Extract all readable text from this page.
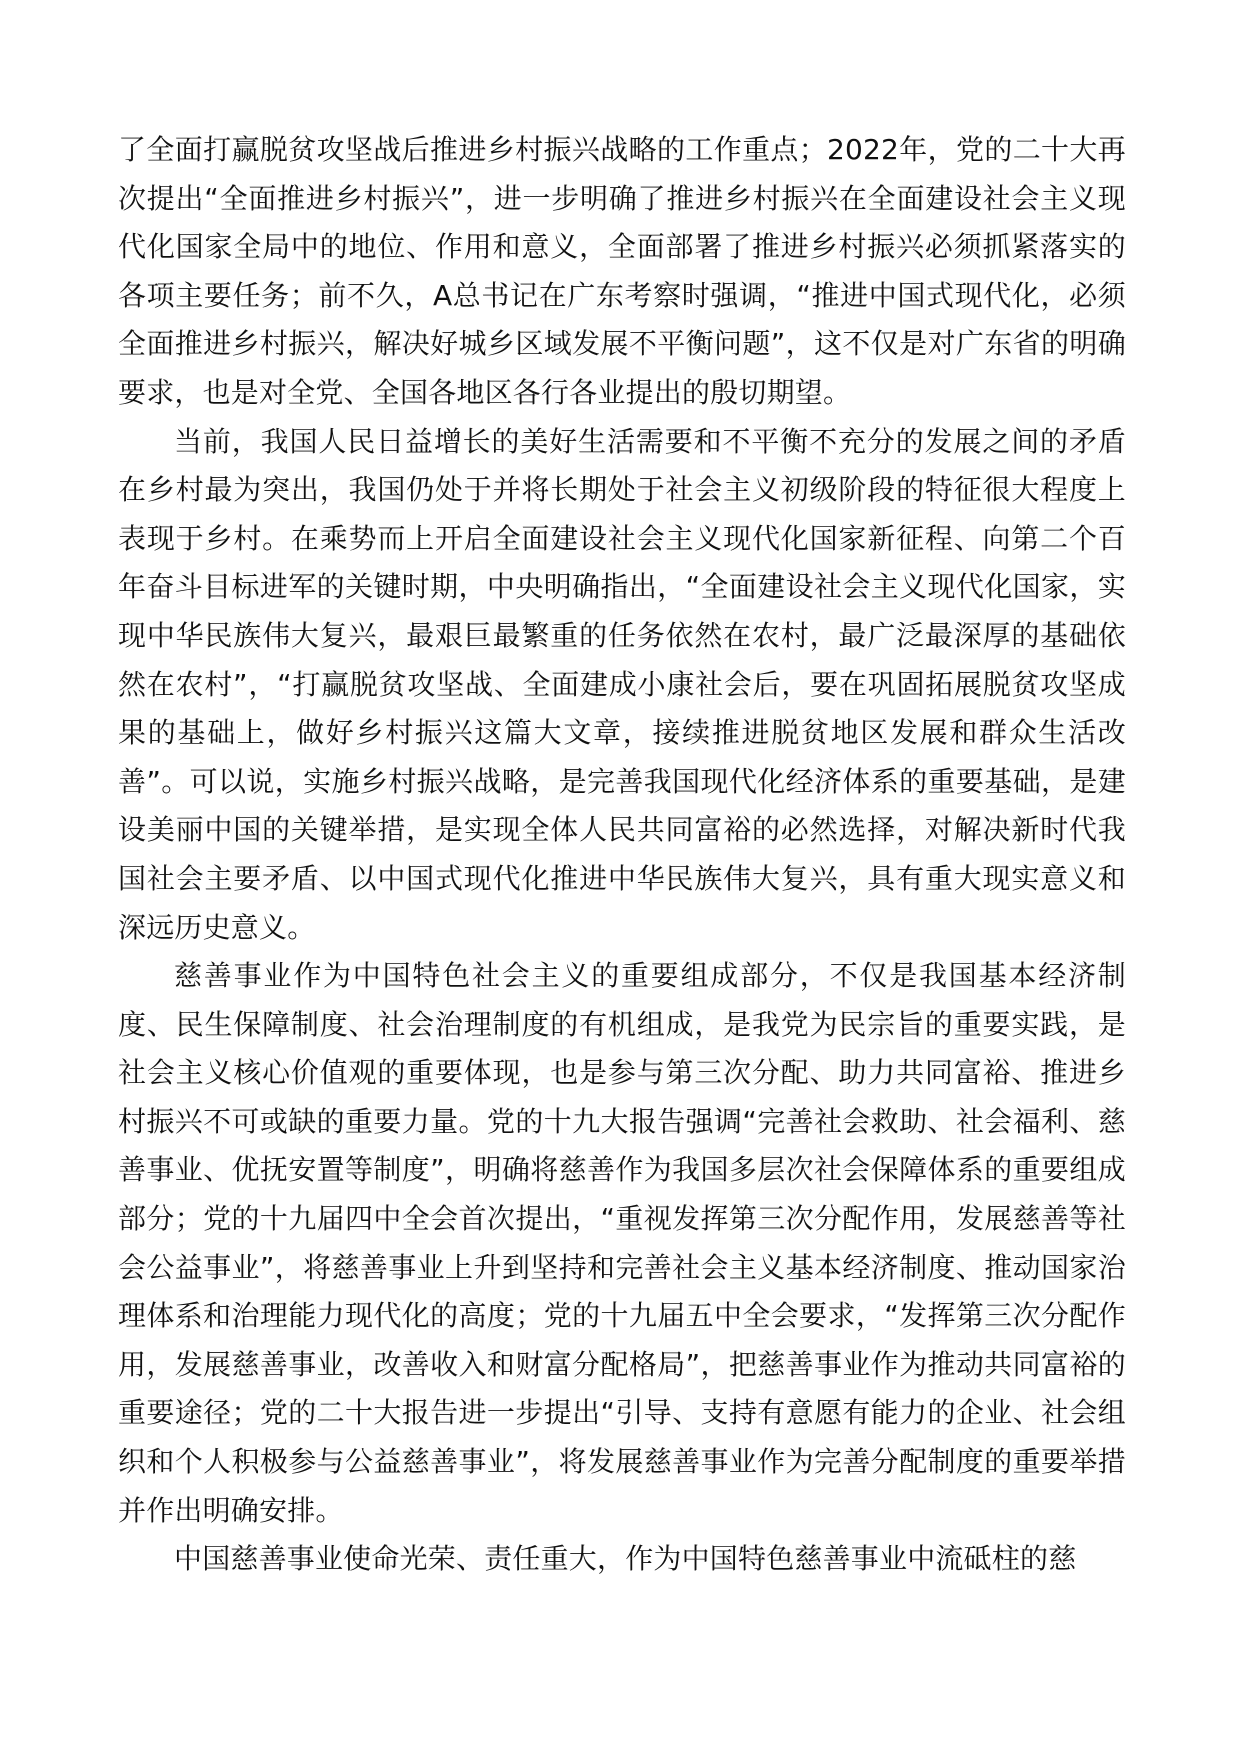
了全面打赢脱贫攻坚战后推进乡村振兴战略的工作重点；2022年，党的二十大再次提出“全面推进乡村振兴”，进一步明确了推进乡村振兴在全面建设社会主义现代化国家全局中的地位、作用和意义，全面部署了推进乡村振兴必须抓紧落实的各项主要任务；前不久，A总书记在广东考察时强调，“推进中国式现代化，必须全面推进乡村振兴，解决好城乡区域发展不平衡问题”，这不仅是对广东省的明确要求，也是对全党、全国各地区各行各业提出的殷切期望。

当前，我国人民日益增长的美好生活需要和不平衡不充分的发展之间的矛盾在乡村最为突出，我国仍处于并将长期处于社会主义初级阶段的特征很大程度上表现于乡村。在乘势而上开启全面建设社会主义现代化国家新征程、向第二个百年奋斗目标进军的关键时期，中央明确指出，“全面建设社会主义现代化国家，实现中华民族伟大复兴，最艰巨最繁重的任务依然在农村，最广泛最深厚的基础依然在农村”，“打赢脱贫攻坚战、全面建成小康社会后，要在巩固拓展脱贫攻坚成果的基础上，做好乡村振兴这篇大文章，接续推进脱贫地区发展和群众生活改善”。可以说，实施乡村振兴战略，是完善我国现代化经济体系的重要基础，是建设美丽中国的关键举措，是实现全体人民共同富裕的必然选择，对解决新时代我国社会主要矛盾、以中国式现代化推进中华民族伟大复兴，具有重大现实意义和深远历史意义。

慈善事业作为中国特色社会主义的重要组成部分，不仅是我国基本经济制度、民生保障制度、社会治理制度的有机组成，是我党为民宗旨的重要实践，是社会主义核心价值观的重要体现，也是参与第三次分配、助力共同富裕、推进乡村振兴不可或缺的重要力量。党的十九大报告强调“完善社会救助、社会福利、慈善事业、优抚安置等制度”，明确将慈善作为我国多层次社会保障体系的重要组成部分；党的十九届四中全会首次提出，“重视发挥第三次分配作用，发展慈善等社会公益事业”，将慈善事业上升到坚持和完善社会主义基本经济制度、推动国家治理体系和治理能力现代化的高度；党的十九届五中全会要求，“发挥第三次分配作用，发展慈善事业，改善收入和财富分配格局”，把慈善事业作为推动共同富裕的重要途径；党的二十大报告进一步提出“引导、支持有意愿有能力的企业、社会组织和个人积极参与公益慈善事业”，将发展慈善事业作为完善分配制度的重要举措并作出明确安排。

中国慈善事业使命光荣、责任重大，作为中国特色慈善事业中流砥柱的慈
